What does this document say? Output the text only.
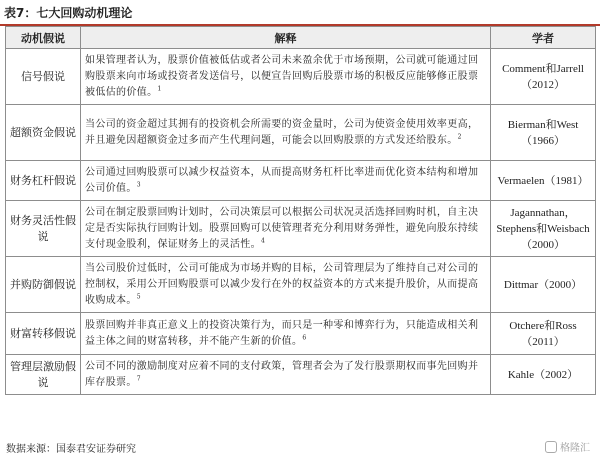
表7：七大回购动机理论
动机假说	解释	学者
信号假说	如果管理者认为，股票价值被低估或者公司未来盈余优于市场预期，公司就可能通过回购股票来向市场或投资者发送信号，以便宣告回购后股票市场的积极反应能够修正股票被低估的价值。$^1$	Comment和Jarrell（2012）
超额资金假说	当公司的资金超过其拥有的投资机会所需要的资金量时，公司为使资金使用效率更高，并且避免因超额资金过多而产生代理问题，可能会以回购股票的方式发还给股东。$^2$	Bierman和West（1966）
财务杠杆假说	公司通过回购股票可以减少权益资本，从而提高财务杠杆比率进而优化资本结构和增加公司价值。$^3$	Vermaelen（1981）
财务灵活性假说	公司在制定股票回购计划时，公司决策层可以根据公司状况灵活选择回购时机，自主决定是否实际执行回购计划。股票回购可以使管理者充分利用财务弹性，避免向股东持续支付现金股利，保证财务上的灵活性。$^4$	Jagannathan，Stephens和Weisbach（2000）
并购防御假说	当公司股价过低时，公司可能成为市场并购的目标，公司管理层为了维持自己对公司的控制权，采用公开回购股票可以减少发行在外的权益资本的方式来提升股价，从而提高收购成本。$^5$	Dittmar（2000）
财富转移假说	股票回购并非真正意义上的投资决策行为，而只是一种零和博弈行为，只能造成相关利益主体之间的财富转移，并不能产生新的价值。$^6$	Otchere和Ross（2011）
管理层激励假说	公司不同的激励制度对应着不同的支付政策，管理者会为了发行股票期权而事先回购并库存股票。$^7$	Kahle（2002）
数据来源：国泰君安证券研究	格隆汇
